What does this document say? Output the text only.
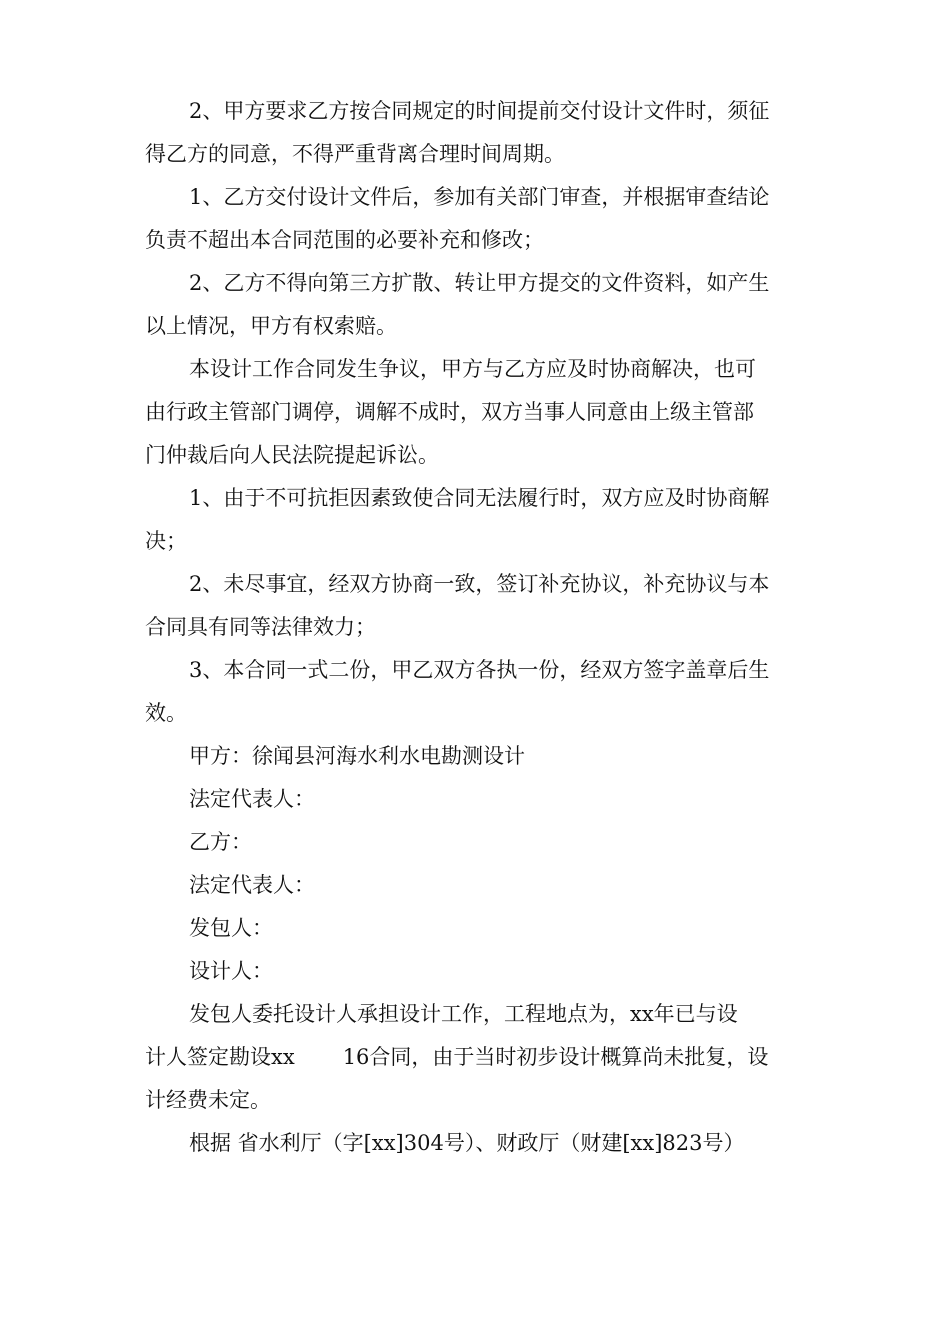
2、甲方要求乙方按合同规定的时间提前交付设计文件时，须征
得乙方的同意，不得严重背离合理时间周期。
1、乙方交付设计文件后，参加有关部门审查，并根据审查结论
负责不超出本合同范围的必要补充和修改；
2、乙方不得向第三方扩散、转让甲方提交的文件资料，如产生
以上情况，甲方有权索赔。
本设计工作合同发生争议，甲方与乙方应及时协商解决，也可
由行政主管部门调停，调解不成时，双方当事人同意由上级主管部
门仲裁后向人民法院提起诉讼。
1、由于不可抗拒因素致使合同无法履行时，双方应及时协商解
决；
2、未尽事宜，经双方协商一致，签订补充协议，补充协议与本
合同具有同等法律效力；
3、本合同一式二份，甲乙双方各执一份，经双方签字盖章后生
效。
甲方：徐闻县河海水利水电勘测设计
法定代表人：
乙方：
法定代表人：
发包人：
设计人：
发包人委托设计人承担设计工作，工程地点为，xx年已与设
计人签定勘设xx 16合同，由于当时初步设计概算尚未批复，设
计经费未定。
根据 省水利厅（字[xx]304号）、财政厅（财建[xx]823号）
